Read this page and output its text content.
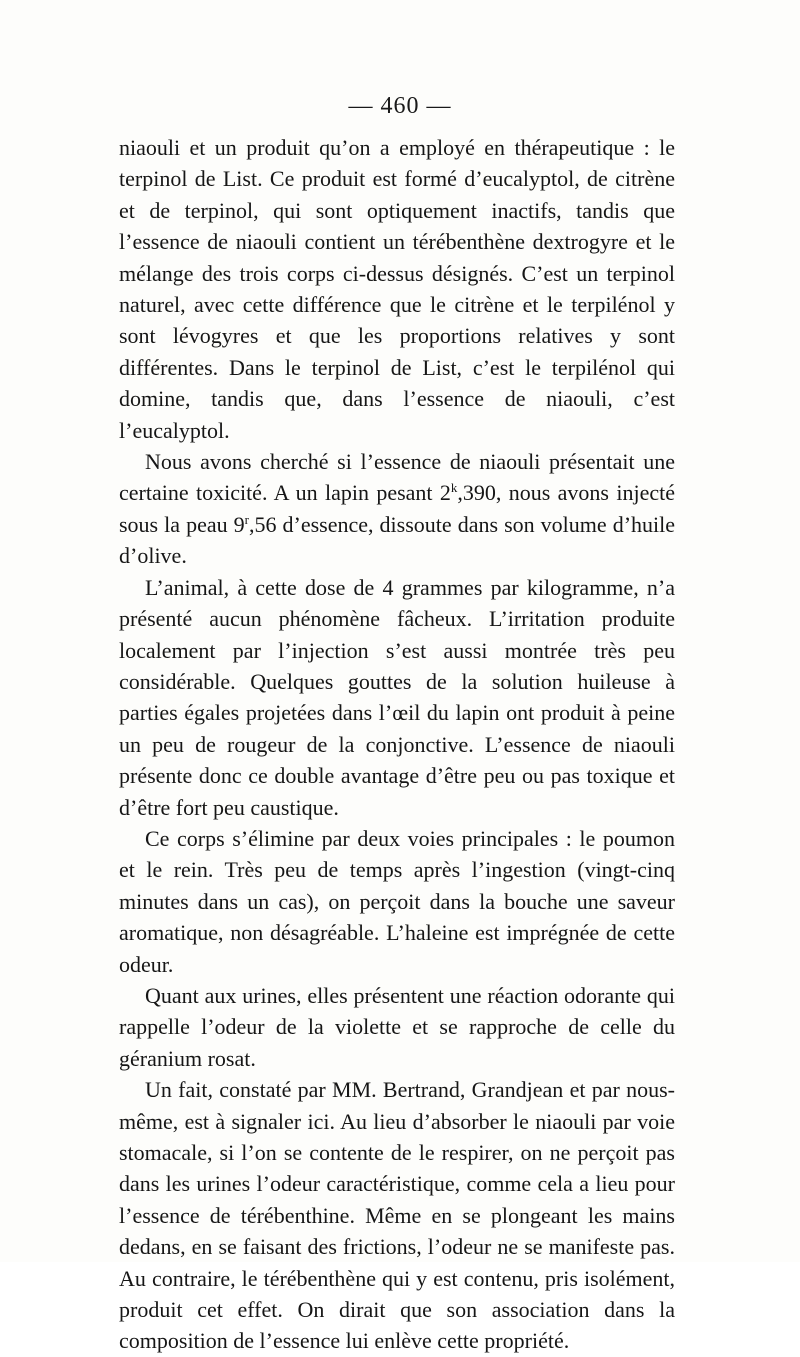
— 460 —

niaouli et un produit qu’on a employé en thérapeutique : le terpinol de List. Ce produit est formé d’eucalyptol, de citrène et de terpinol, qui sont optiquement inactifs, tandis que l’essence de niaouli contient un térébenthène dextrogyre et le mélange des trois corps ci-dessus désignés. C’est un terpinol naturel, avec cette différence que le citrène et le terpilénol y sont lévogyres et que les proportions relatives y sont différentes. Dans le terpinol de List, c’est le terpilénol qui domine, tandis que, dans l’essence de niaouli, c’est l’eucalyptol.

Nous avons cherché si l’essence de niaouli présentait une certaine toxicité. A un lapin pesant 2$^k$,390, nous avons injecté sous la peau 9$^r$,56 d’essence, dissoute dans son volume d’huile d’olive.

L’animal, à cette dose de 4 grammes par kilogramme, n’a présenté aucun phénomène fâcheux. L’irritation produite localement par l’injection s’est aussi montrée très peu considérable. Quelques gouttes de la solution huileuse à parties égales projetées dans l’œil du lapin ont produit à peine un peu de rougeur de la conjonctive. L’essence de niaouli présente donc ce double avantage d’être peu ou pas toxique et d’être fort peu caustique.

Ce corps s’élimine par deux voies principales : le poumon et le rein. Très peu de temps après l’ingestion (vingt-cinq minutes dans un cas), on perçoit dans la bouche une saveur aromatique, non désagréable. L’haleine est imprégnée de cette odeur.

Quant aux urines, elles présentent une réaction odorante qui rappelle l’odeur de la violette et se rapproche de celle du géranium rosat.

Un fait, constaté par MM. Bertrand, Grandjean et par nous-même, est à signaler ici. Au lieu d’absorber le niaouli par voie stomacale, si l’on se contente de le respirer, on ne perçoit pas dans les urines l’odeur caractéristique, comme cela a lieu pour l’essence de térébenthine. Même en se plongeant les mains dedans, en se faisant des frictions, l’odeur ne se manifeste pas. Au contraire, le térébenthène qui y est contenu, pris isolément, produit cet effet. On dirait que son association dans la composition de l’essence lui enlève cette propriété.
